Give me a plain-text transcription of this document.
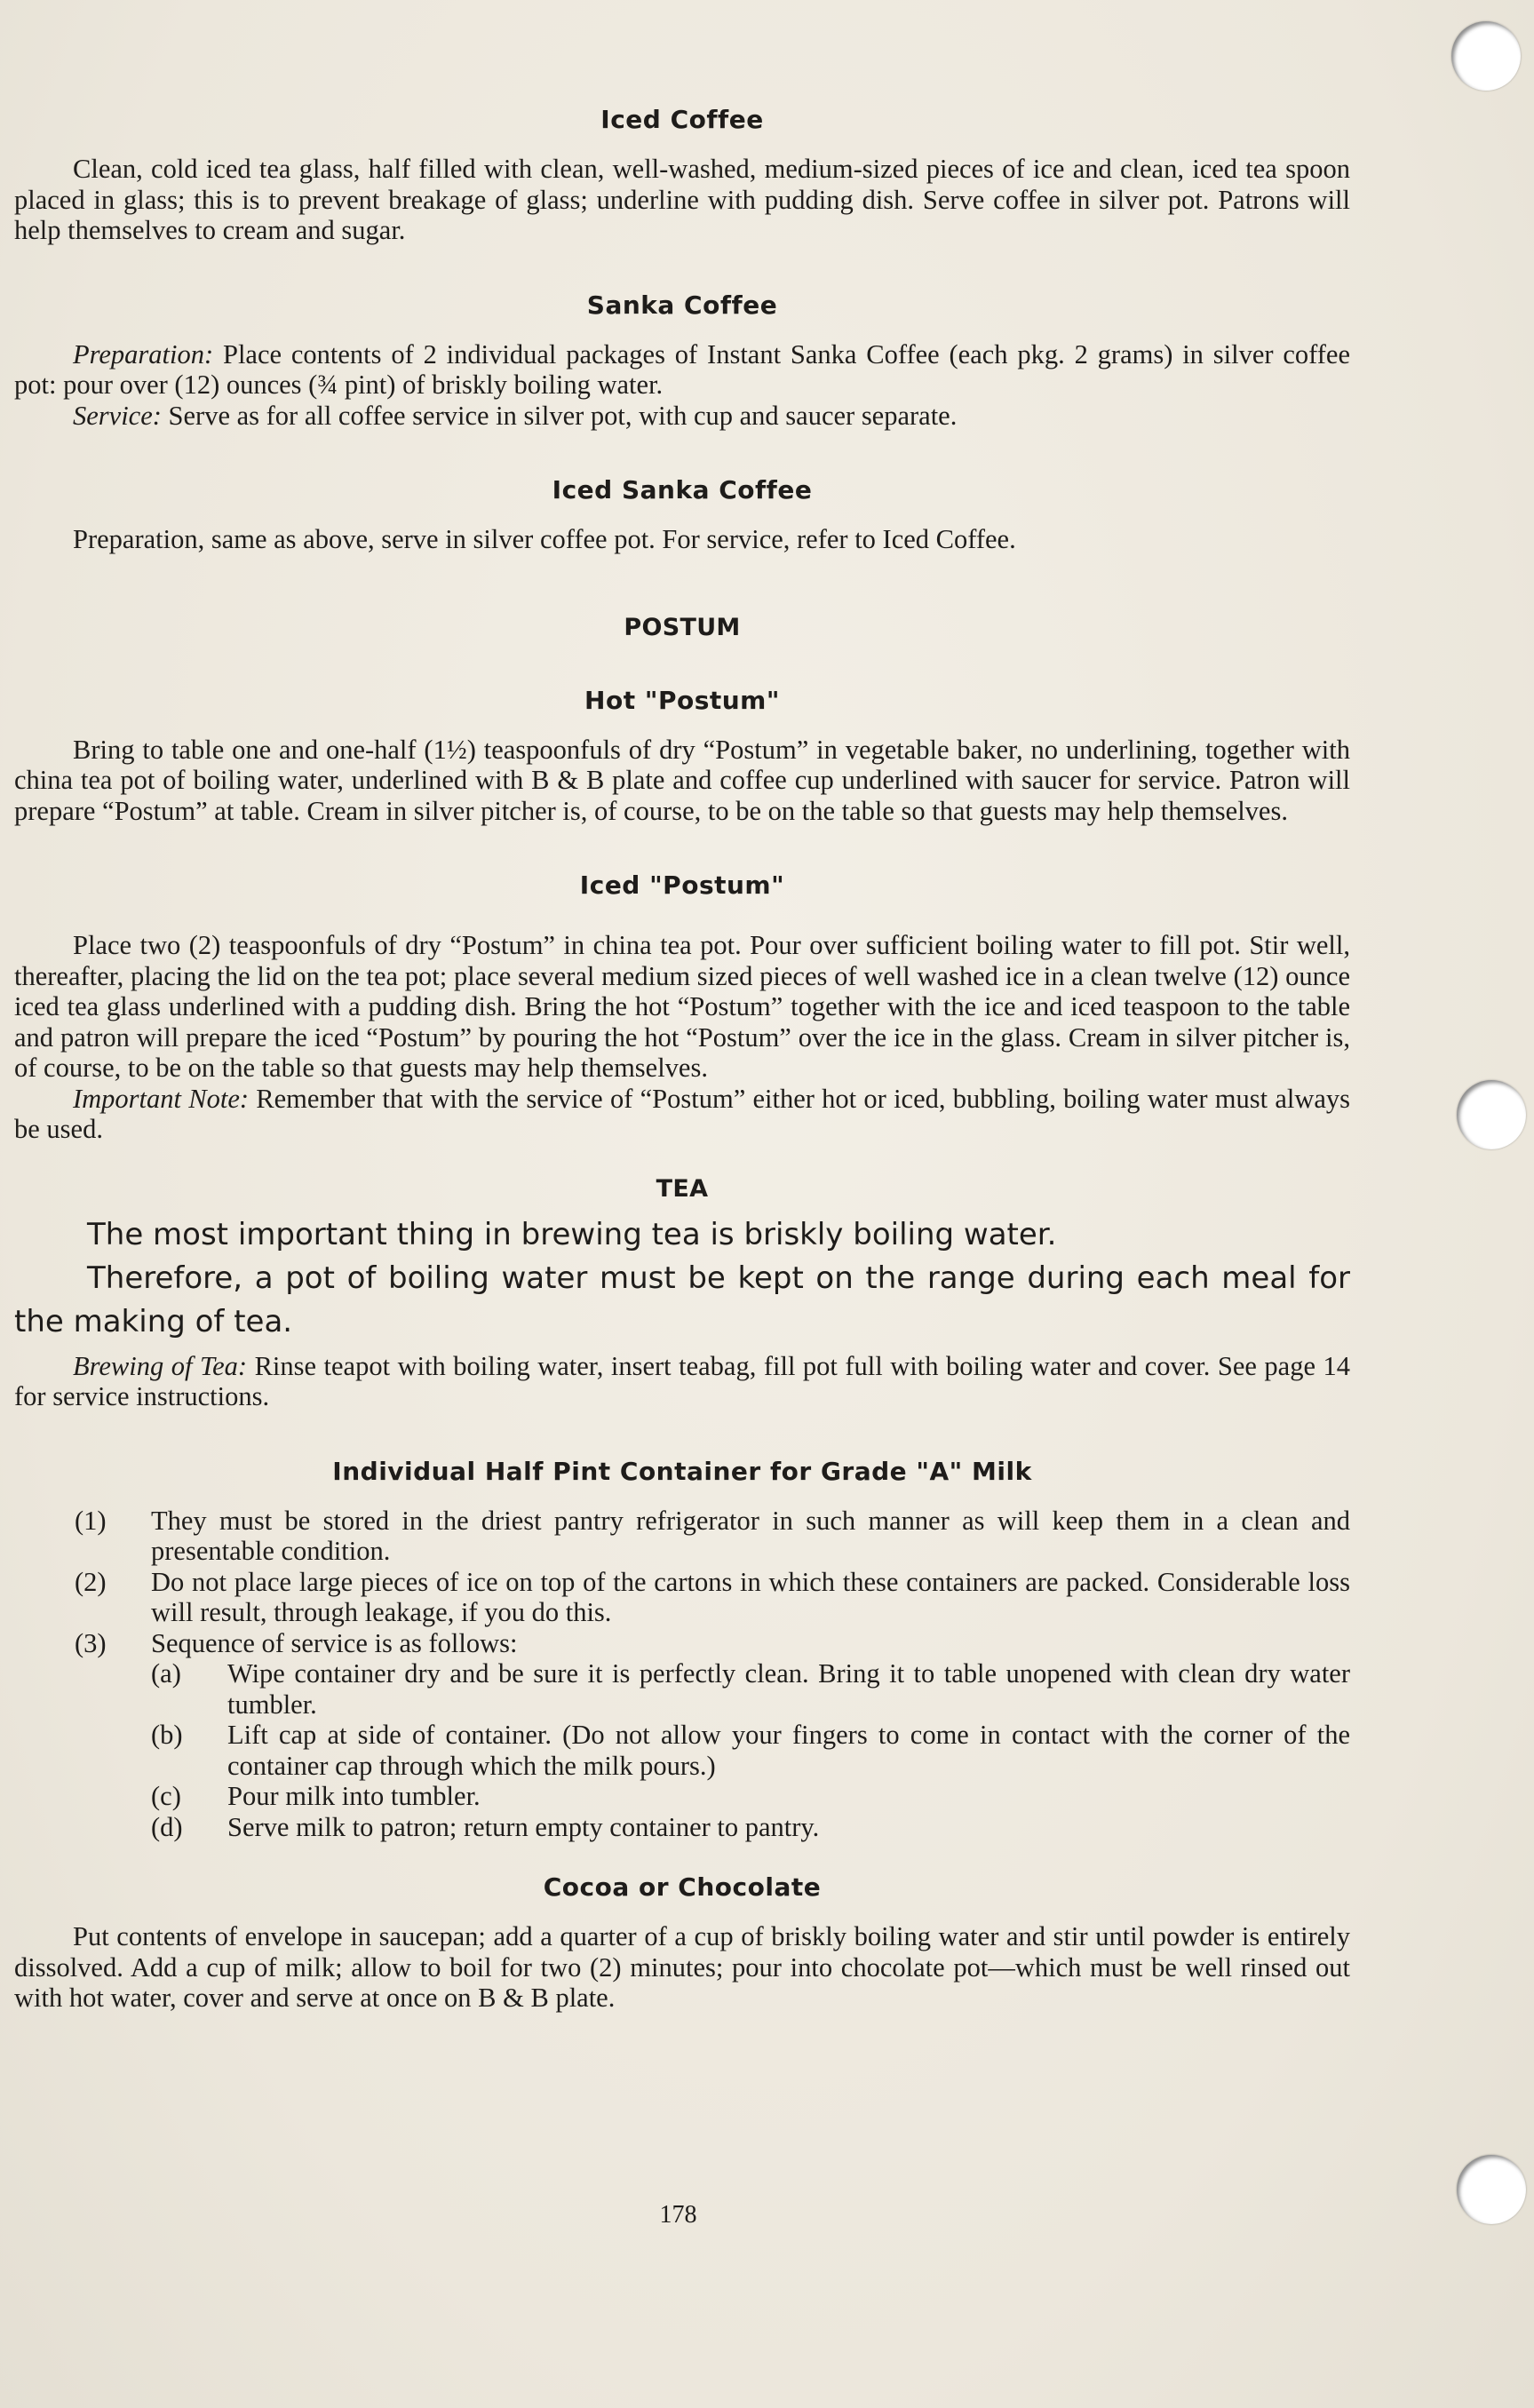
Iced Coffee

Clean, cold iced tea glass, half filled with clean, well-washed, medium-sized pieces of ice and clean, iced tea spoon placed in glass; this is to prevent breakage of glass; underline with pudding dish. Serve coffee in silver pot. Patrons will help themselves to cream and sugar.

Sanka Coffee

Preparation: Place contents of 2 individual packages of Instant Sanka Coffee (each pkg. 2 grams) in silver coffee pot: pour over (12) ounces (¾ pint) of briskly boiling water.

Service: Serve as for all coffee service in silver pot, with cup and saucer separate.

Iced Sanka Coffee

Preparation, same as above, serve in silver coffee pot. For service, refer to Iced Coffee.

POSTUM
Hot "Postum"

Bring to table one and one-half (1½) teaspoonfuls of dry “Postum” in vegetable baker, no underlining, together with china tea pot of boiling water, underlined with B & B plate and coffee cup underlined with saucer for service. Patron will prepare “Postum” at table. Cream in silver pitcher is, of course, to be on the table so that guests may help themselves.

Iced "Postum"

Place two (2) teaspoonfuls of dry “Postum” in china tea pot. Pour over sufficient boiling water to fill pot. Stir well, thereafter, placing the lid on the tea pot; place several medium sized pieces of well washed ice in a clean twelve (12) ounce iced tea glass underlined with a pudding dish. Bring the hot “Postum” together with the ice and iced teaspoon to the table and patron will prepare the iced “Postum” by pouring the hot “Postum” over the ice in the glass. Cream in silver pitcher is, of course, to be on the table so that guests may help themselves.

Important Note: Remember that with the service of “Postum” either hot or iced, bubbling, boiling water must always be used.

TEA

The most important thing in brewing tea is briskly boiling water.

Therefore, a pot of boiling water must be kept on the range during each meal for the making of tea.

Brewing of Tea: Rinse teapot with boiling water, insert teabag, fill pot full with boiling water and cover. See page 14 for service instructions.

Individual Half Pint Container for Grade "A" Milk
(1) They must be stored in the driest pantry refrigerator in such manner as will keep them in a clean and presentable condition.
(2) Do not place large pieces of ice on top of the cartons in which these containers are packed. Considerable loss will result, through leakage, if you do this.
(3) Sequence of service is as follows:
(a) Wipe container dry and be sure it is perfectly clean. Bring it to table unopened with clean dry water tumbler.
(b) Lift cap at side of container. (Do not allow your fingers to come in contact with the corner of the container cap through which the milk pours.)
(c) Pour milk into tumbler.
(d) Serve milk to patron; return empty container to pantry.
Cocoa or Chocolate

Put contents of envelope in saucepan; add a quarter of a cup of briskly boiling water and stir until powder is entirely dissolved. Add a cup of milk; allow to boil for two (2) minutes; pour into chocolate pot—which must be well rinsed out with hot water, cover and serve at once on B & B plate.

178
